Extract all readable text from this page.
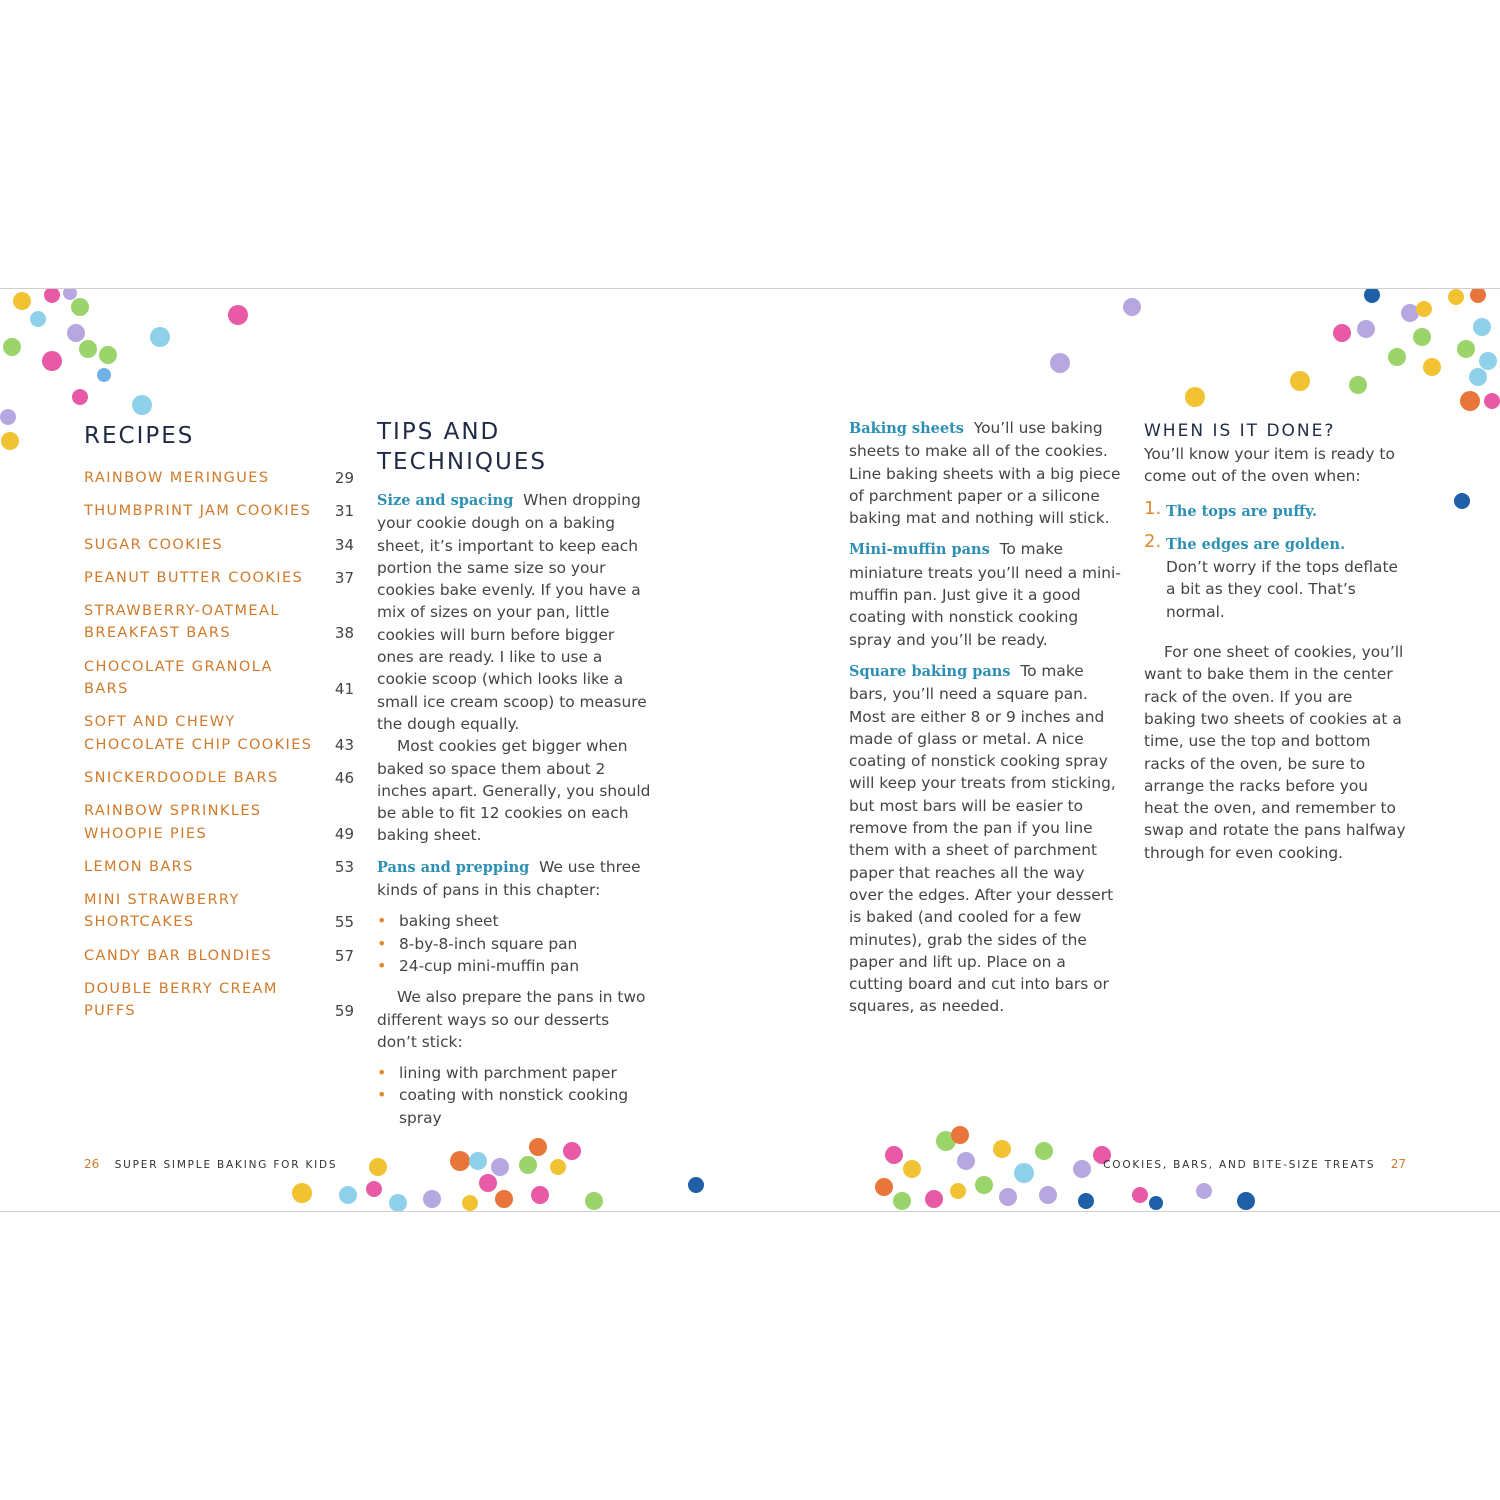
RECIPES
RAINBOW MERINGUES	29
THUMBPRINT JAM COOKIES	31
SUGAR COOKIES	34
PEANUT BUTTER COOKIES	37
STRAWBERRY-OATMEAL BREAKFAST BARS	38
CHOCOLATE GRANOLA BARS	41
SOFT AND CHEWY CHOCOLATE CHIP COOKIES 43
SNICKERDOODLE BARS	46
RAINBOW SPRINKLES WHOOPIE PIES	49
LEMON BARS	53
MINI STRAWBERRY SHORTCAKES	55
CANDY BAR BLONDIES	57
DOUBLE BERRY CREAM PUFFS	59
TIPS AND TECHNIQUES

Size and spacing When dropping your cookie dough on a baking sheet, it’s important to keep each portion the same size so your cookies bake evenly. If you have a mix of sizes on your pan, little cookies will burn before bigger ones are ready. I like to use a cookie scoop (which looks like a small ice cream scoop) to measure the dough equally.
Most cookies get bigger when baked so space them about 2 inches apart. Generally, you should be able to fit 12 cookies on each baking sheet.

Pans and prepping We use three kinds of pans in this chapter:

• baking sheet
• 8-by-8-inch square pan
• 24-cup mini-muffin pan

We also prepare the pans in two different ways so our desserts don’t stick:

• lining with parchment paper
• coating with nonstick cooking spray

Baking sheets You’ll use baking sheets to make all of the cookies. Line baking sheets with a big piece of parchment paper or a silicone baking mat and nothing will stick.

Mini-muffin pans To make miniature treats you’ll need a mini-muffin pan. Just give it a good coating with nonstick cooking spray and you’ll be ready.

Square baking pans To make bars, you’ll need a square pan. Most are either 8 or 9 inches and made of glass or metal. A nice coating of nonstick cooking spray will keep your treats from sticking, but most bars will be easier to remove from the pan if you line them with a sheet of parchment paper that reaches all the way over the edges. After your dessert is baked (and cooled for a few minutes), grab the sides of the paper and lift up. Place on a cutting board and cut into bars or squares, as needed.

WHEN IS IT DONE?

You’ll know your item is ready to come out of the oven when:

1. The tops are puffy.
2. The edges are golden.
Don’t worry if the tops deflate a bit as they cool. That’s normal.

For one sheet of cookies, you’ll want to bake them in the center rack of the oven. If you are baking two sheets of cookies at a time, use the top and bottom racks of the oven, be sure to arrange the racks before you heat the oven, and remember to swap and rotate the pans halfway through for even cooking.

26 SUPER SIMPLE BAKING FOR KIDS	COOKIES, BARS, AND BITE-SIZE TREATS 27
